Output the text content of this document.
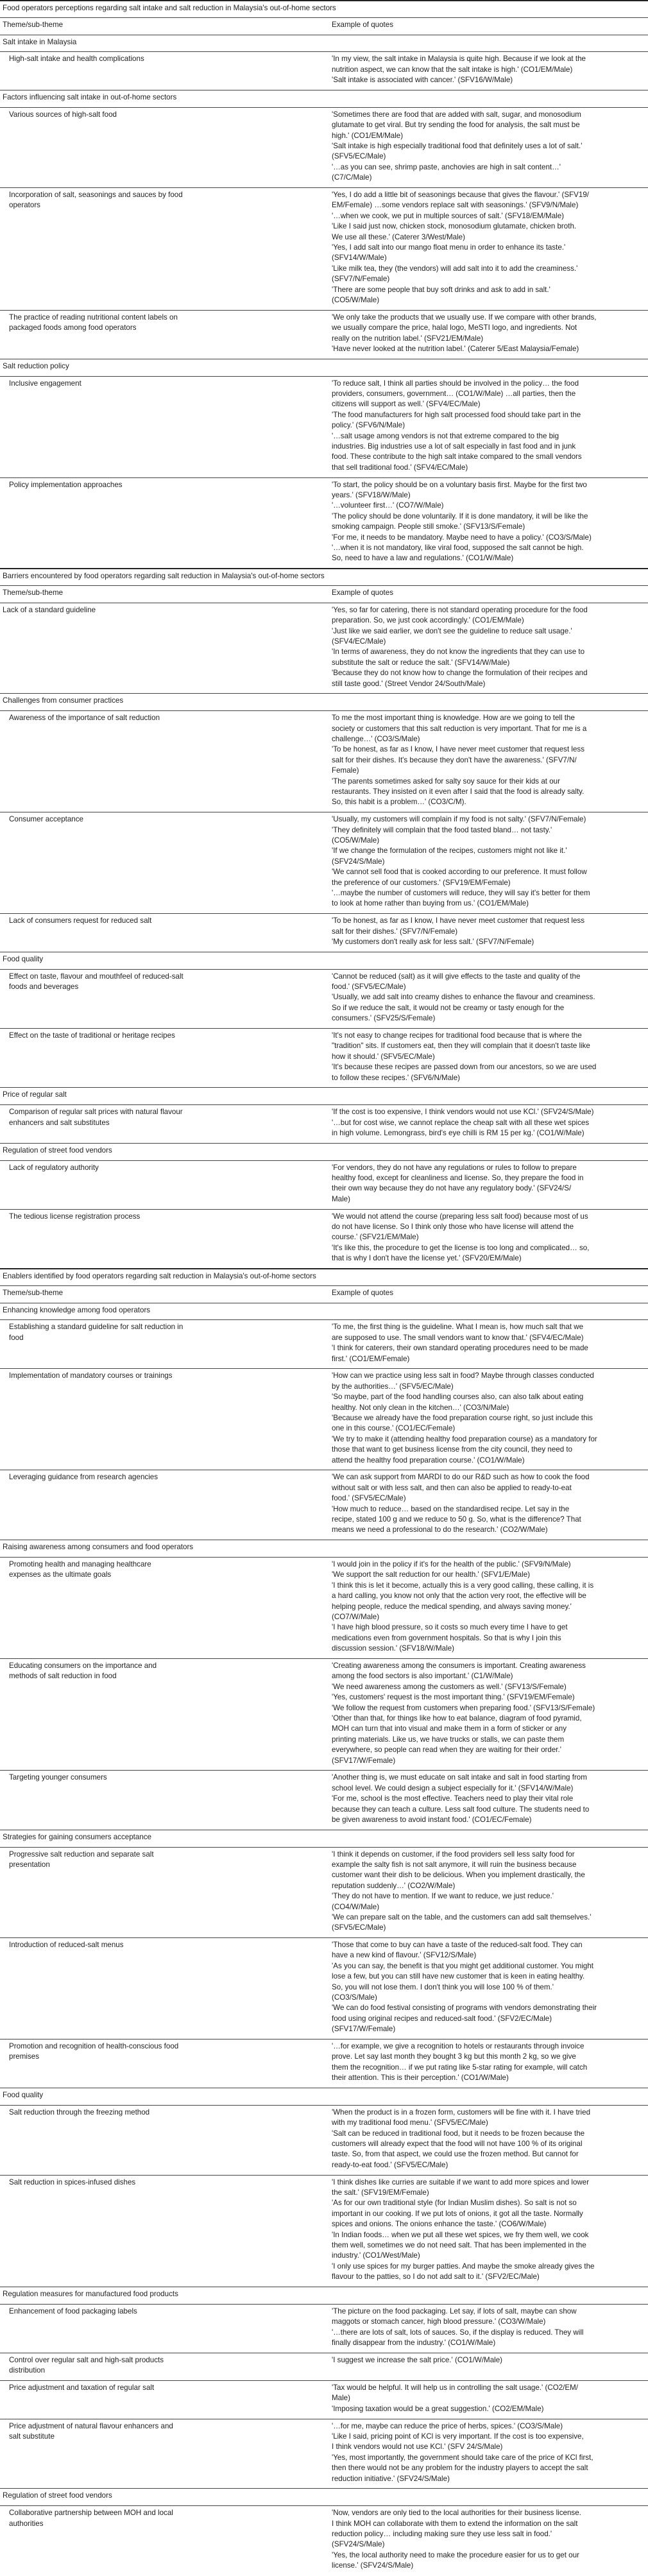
Food operators perceptions regarding salt intake and salt reduction in Malaysia's out-of-home sectors
Theme/sub-theme	Example of quotes
Salt intake in Malaysia
High-salt intake and health complications	'In my view, the salt intake in Malaysia is quite high. Because if we look at the
nutrition aspect, we can know that the salt intake is high.' (CO1/EM/Male)
'Salt intake is associated with cancer.' (SFV16/W/Male)
Factors influencing salt intake in out-of-home sectors
Various sources of high-salt food	'Sometimes there are food that are added with salt, sugar, and monosodium
glutamate to get viral. But try sending the food for analysis, the salt must be
high.' (CO1/EM/Male)
'Salt intake is high especially traditional food that definitely uses a lot of salt.'
(SFV5/EC/Male)
'…as you can see, shrimp paste, anchovies are high in salt content…'
(C7/C/Male)
Incorporation of salt, seasonings and sauces by food
operators
'Yes, I do add a little bit of seasonings because that gives the flavour.' (SFV19/
EM/Female) …some vendors replace salt with seasonings.' (SFV9/N/Male)
'…when we cook, we put in multiple sources of salt.' (SFV18/EM/Male)
'Like I said just now, chicken stock, monosodium glutamate, chicken broth.
We use all these.' (Caterer 3/West/Male)
'Yes, I add salt into our mango float menu in order to enhance its taste.'
(SFV14/W/Male)
'Like milk tea, they (the vendors) will add salt into it to add the creaminess.'
(SFV7/N/Female)
'There are some people that buy soft drinks and ask to add in salt.'
(CO5/W/Male)
The practice of reading nutritional content labels on
packaged foods among food operators
'We only take the products that we usually use. If we compare with other brands,
we usually compare the price, halal logo, MeSTI logo, and ingredients. Not
really on the nutrition label.' (SFV21/EM/Male)
'Have never looked at the nutrition label.' (Caterer 5/East Malaysia/Female)
Salt reduction policy
Inclusive engagement	'To reduce salt, I think all parties should be involved in the policy… the food
providers, consumers, government… (CO1/W/Male) …all parties, then the
citizens will support as well.' (SFV4/EC/Male)
'The food manufacturers for high salt processed food should take part in the
policy.' (SFV6/N/Male)
'…salt usage among vendors is not that extreme compared to the big
industries. Big industries use a lot of salt especially in fast food and in junk
food. These contribute to the high salt intake compared to the small vendors
that sell traditional food.' (SFV4/EC/Male)
Policy implementation approaches	'To start, the policy should be on a voluntary basis first. Maybe for the first two
years.' (SFV18/W/Male)
'…volunteer first…' (CO7/W/Male)
'The policy should be done voluntarily. If it is done mandatory, it will be like the
smoking campaign. People still smoke.' (SFV13/S/Female)
'For me, it needs to be mandatory. Maybe need to have a policy.' (CO3/S/Male)
'…when it is not mandatory, like viral food, supposed the salt cannot be high.
So, need to have a law and regulations.' (CO1/W/Male)
Barriers encountered by food operators regarding salt reduction in Malaysia's out-of-home sectors
Theme/sub-theme	Example of quotes
Lack of a standard guideline	'Yes, so far for catering, there is not standard operating procedure for the food
preparation. So, we just cook accordingly.' (CO1/EM/Male)
'Just like we said earlier, we don't see the guideline to reduce salt usage.'
(SFV4/EC/Male)
'In terms of awareness, they do not know the ingredients that they can use to
substitute the salt or reduce the salt.' (SFV14/W/Male)
'Because they do not know how to change the formulation of their recipes and
still taste good.' (Street Vendor 24/South/Male)
Challenges from consumer practices
Awareness of the importance of salt reduction	To me the most important thing is knowledge. How are we going to tell the
society or customers that this salt reduction is very important. That for me is a
challenge…' (CO3/S/Male)
'To be honest, as far as I know, I have never meet customer that request less
salt for their dishes. It's because they don't have the awareness.' (SFV7/N/
Female)
'The parents sometimes asked for salty soy sauce for their kids at our
restaurants. They insisted on it even after I said that the food is already salty.
So, this habit is a problem…' (CO3/C/M).
Consumer acceptance	'Usually, my customers will complain if my food is not salty.' (SFV7/N/Female)
'They definitely will complain that the food tasted bland… not tasty.'
(CO5/W/Male)
'If we change the formulation of the recipes, customers might not like it.'
(SFV24/S/Male)
'We cannot sell food that is cooked according to our preference. It must follow
the preference of our customers.' (SFV19/EM/Female)
'…maybe the number of customers will reduce, they will say it's better for them
to look at home rather than buying from us.' (CO1/EM/Male)
Lack of consumers request for reduced salt	'To be honest, as far as I know, I have never meet customer that request less
salt for their dishes.' (SFV7/N/Female)
'My customers don't really ask for less salt.' (SFV7/N/Female)
Food quality
Effect on taste, flavour and mouthfeel of reduced-salt
foods and beverages
'Cannot be reduced (salt) as it will give effects to the taste and quality of the
food.' (SFV5/EC/Male)
'Usually, we add salt into creamy dishes to enhance the flavour and creaminess.
So if we reduce the salt, it would not be creamy or tasty enough for the
consumers.' (SFV25/S/Female)
Effect on the taste of traditional or heritage recipes	'It's not easy to change recipes for traditional food because that is where the
"tradition" sits. If customers eat, then they will complain that it doesn't taste like
how it should.' (SFV5/EC/Male)
'It's because these recipes are passed down from our ancestors, so we are used
to follow these recipes.' (SFV6/N/Male)
Price of regular salt
Comparison of regular salt prices with natural flavour
enhancers and salt substitutes
'If the cost is too expensive, I think vendors would not use KCl.' (SFV24/S/Male)
'…but for cost wise, we cannot replace the cheap salt with all these wet spices
in high volume. Lemongrass, bird's eye chilli is RM 15 per kg.' (CO1/W/Male)
Regulation of street food vendors
Lack of regulatory authority	'For vendors, they do not have any regulations or rules to follow to prepare
healthy food, except for cleanliness and license. So, they prepare the food in
their own way because they do not have any regulatory body.' (SFV24/S/
Male)
The tedious license registration process	'We would not attend the course (preparing less salt food) because most of us
do not have license. So I think only those who have license will attend the
course.' (SFV21/EM/Male)
'It's like this, the procedure to get the license is too long and complicated… so,
that is why I don't have the license yet.' (SFV20/EM/Male)
Enablers identified by food operators regarding salt reduction in Malaysia's out-of-home sectors
Theme/sub-theme	Example of quotes
Enhancing knowledge among food operators
Establishing a standard guideline for salt reduction in
food
'To me, the first thing is the guideline. What I mean is, how much salt that we
are supposed to use. The small vendors want to know that.' (SFV4/EC/Male)
'I think for caterers, their own standard operating procedures need to be made
first.' (CO1/EM/Female)
Implementation of mandatory courses or trainings	'How can we practice using less salt in food? Maybe through classes conducted
by the authorities…' (SFV5/EC/Male)
'So maybe, part of the food handling courses also, can also talk about eating
healthy. Not only clean in the kitchen…' (CO3/N/Male)
'Because we already have the food preparation course right, so just include this
one in this course.' (CO1/EC/Female)
'We try to make it (attending healthy food preparation course) as a mandatory for
those that want to get business license from the city council, they need to
attend the healthy food preparation course.' (CO1/W/Male)
Leveraging guidance from research agencies	'We can ask support from MARDI to do our R&D such as how to cook the food
without salt or with less salt, and then can also be applied to ready-to-eat
food.' (SFV5/EC/Male)
'How much to reduce… based on the standardised recipe. Let say in the
recipe, stated 100 g and we reduce to 50 g. So, what is the difference? That
means we need a professional to do the research.' (CO2/W/Male)
Raising awareness among consumers and food operators
Promoting health and managing healthcare
expenses as the ultimate goals
'I would join in the policy if it's for the health of the public.' (SFV9/N/Male)
'We support the salt reduction for our health.' (SFV1/E/Male)
'I think this is let it become, actually this is a very good calling, these calling, it is
a hard calling, you know not only that the action very root, the effective will be
helping people, reduce the medical spending, and always saving money.'
(CO7/W/Male)
'I have high blood pressure, so it costs so much every time I have to get
medications even from government hospitals. So that is why I join this
discussion session.' (SFV18/W/Male)
Educating consumers on the importance and
methods of salt reduction in food
'Creating awareness among the consumers is important. Creating awareness
among the food sectors is also important.' (C1/W/Male)
'We need awareness among the customers as well.' (SFV13/S/Female)
'Yes, customers' request is the most important thing.' (SFV19/EM/Female)
'We follow the request from customers when preparing food.' (SFV13/S/Female)
'Other than that, for things like how to eat balance, diagram of food pyramid,
MOH can turn that into visual and make them in a form of sticker or any
printing materials. Like us, we have trucks or stalls, we can paste them
everywhere, so people can read when they are waiting for their order.'
(SFV17/W/Female)
Targeting younger consumers	'Another thing is, we must educate on salt intake and salt in food starting from
school level. We could design a subject especially for it.' (SFV14/W/Male)
'For me, school is the most effective. Teachers need to play their vital role
because they can teach a culture. Less salt food culture. The students need to
be given awareness to avoid instant food.' (CO1/EC/Female)
Strategies for gaining consumers acceptance
Progressive salt reduction and separate salt
presentation
'I think it depends on customer, if the food providers sell less salty food for
example the salty fish is not salt anymore, it will ruin the business because
customer want their dish to be delicious. When you implement drastically, the
reputation suddenly…' (CO2/W/Male)
'They do not have to mention. If we want to reduce, we just reduce.'
(CO4/W/Male)
'We can prepare salt on the table, and the customers can add salt themselves.'
(SFV5/EC/Male)
Introduction of reduced-salt menus	'Those that come to buy can have a taste of the reduced-salt food. They can
have a new kind of flavour.' (SFV12/S/Male)
'As you can say, the benefit is that you might get additional customer. You might
lose a few, but you can still have new customer that is keen in eating healthy.
So, you will not lose them. I don't think you will lose 100 % of them.'
(CO3/S/Male)
'We can do food festival consisting of programs with vendors demonstrating their
food using original recipes and reduced-salt food.' (SFV2/EC/Male)
(SFV17/W/Female)
Promotion and recognition of health-conscious food
premises
'…for example, we give a recognition to hotels or restaurants through invoice
prove. Let say last month they bought 3 kg but this month 2 kg, so we give
them the recognition… if we put rating like 5-star rating for example, will catch
their attention. This is their perception.' (CO1/W/Male)
Food quality
Salt reduction through the freezing method	'When the product is in a frozen form, customers will be fine with it. I have tried
with my traditional food menu.' (SFV5/EC/Male)
'Salt can be reduced in traditional food, but it needs to be frozen because the
customers will already expect that the food will not have 100 % of its original
taste. So, from that aspect, we could use the frozen method. But cannot for
ready-to-eat food.' (SFV5/EC/Male)
Salt reduction in spices-infused dishes	'I think dishes like curries are suitable if we want to add more spices and lower
the salt.' (SFV19/EM/Female)
'As for our own traditional style (for Indian Muslim dishes). So salt is not so
important in our cooking. If we put lots of onions, it got all the taste. Normally
spices and onions. The onions enhance the taste.' (CO6/W/Male)
'In Indian foods… when we put all these wet spices, we fry them well, we cook
them well, sometimes we do not need salt. That has been implemented in the
industry.' (CO1/West/Male)
'I only use spices for my burger patties. And maybe the smoke already gives the
flavour to the patties, so I do not add salt to it.' (SFV2/EC/Male)
Regulation measures for manufactured food products
Enhancement of food packaging labels	'The picture on the food packaging. Let say, if lots of salt, maybe can show
maggots or stomach cancer, high blood pressure.' (CO3/W/Male)
'…there are lots of salt, lots of sauces. So, if the display is reduced. They will
finally disappear from the industry.' (CO1/W/Male)
Control over regular salt and high-salt products
distribution
'I suggest we increase the salt price.' (CO1/W/Male)
Price adjustment and taxation of regular salt	'Tax would be helpful. It will help us in controlling the salt usage.' (CO2/EM/
Male)
'Imposing taxation would be a great suggestion.' (CO2/EM/Male)
Price adjustment of natural flavour enhancers and
salt substitute
'…for me, maybe can reduce the price of herbs, spices.' (CO3/S/Male)
'Like I said, pricing point of KCl is very important. If the cost is too expensive,
I think vendors would not use KCl.' (SFV 24/S/Male)
'Yes, most importantly, the government should take care of the price of KCl first,
then there would not be any problem for the industry players to accept the salt
reduction initiative.' (SFV24/S/Male)
Regulation of street food vendors
Collaborative partnership between MOH and local
authorities
'Now, vendors are only tied to the local authorities for their business license.
I think MOH can collaborate with them to extend the information on the salt
reduction policy… including making sure they use less salt in food.'
(SFV24/S/Male)
'Yes, the local authority need to make the procedure easier for us to get our
license.' (SFV24/S/Male)
